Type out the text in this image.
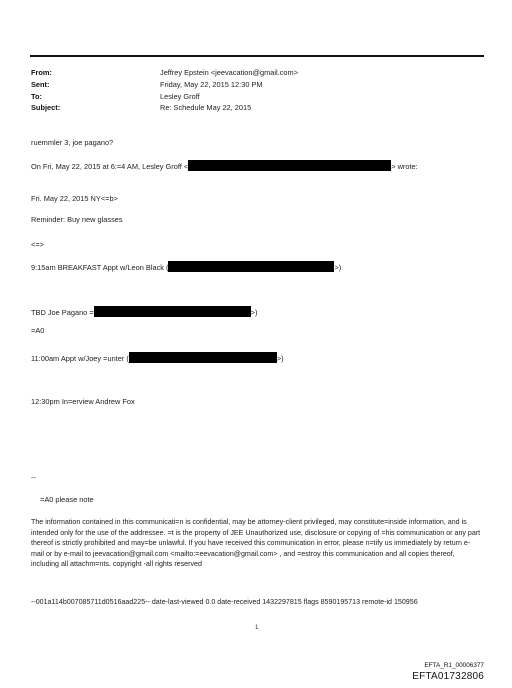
From:	Jeffrey Epstein <jeevacation@gmail.com>
Sent:	Friday, May 22, 2015 12:30 PM
To:	Lesley Groff
Subject:	Re: Schedule May 22, 2015
ruemmler 3, joe pagano?
On Fri, May 22, 2015 at 6:=4 AM, Lesley Groff <	> wrote:
Fri. May 22, 2015 NY<=b>
Reminder: Buy new glasses
<=>
9:15am BREAKFAST Appt w/Leon Black (	>)
TBD Joe Pagano =	>)
=A0
11:00am Appt w/Joey =unter (	>)
12:30pm In=erview Andrew Fox
--
=A0 please note
The information contained in this communicati=n is confidential, may be attorney-client privileged, may constitute=inside information, and is intended only for the use of the addressee. =t is the property of JEE Unauthorized use, disclosure or copying of =his communication or any part thereof is strictly prohibited and may=be unlawful. If you have received this communication in error, please n=tify us immediately by return e-mail or by e-mail to jeevacation@gmail.com <mailto:=eevacation@gmail.com> , and =estroy this communication and all copies thereof, including all attachm=nts. copyright -all rights reserved
--001a114b007085711d0516aad225-- date-last-viewed 0.0 date-received 1432297815 flags 8590195713 remote-id 150956
1
EFTA_R1_00006377
EFTA01732806
